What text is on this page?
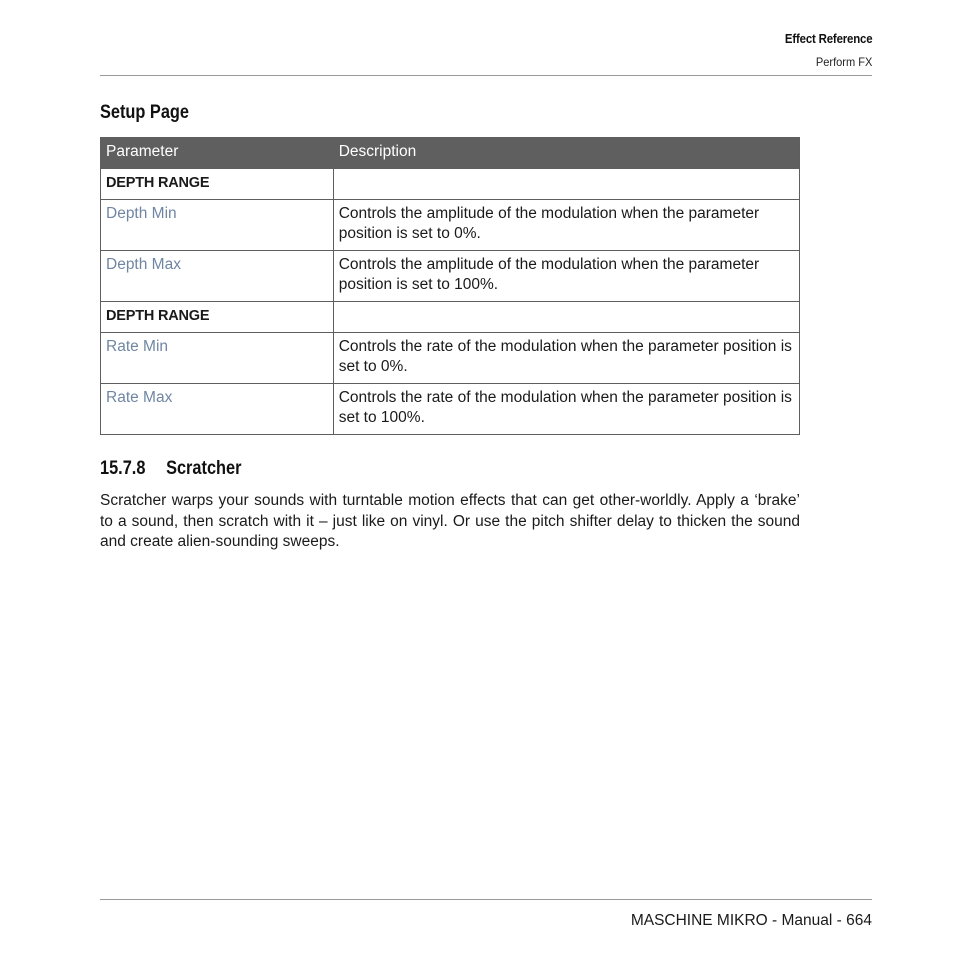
Effect Reference
Perform FX
Setup Page
Parameter	Description
DEPTH RANGE	
Depth Min	Controls the amplitude of the modulation when the parameter position is set to 0%.
Depth Max	Controls the amplitude of the modulation when the parameter position is set to 100%.
DEPTH RANGE	
Rate Min	Controls the rate of the modulation when the parameter position is set to 0%.
Rate Max	Controls the rate of the modulation when the parameter position is set to 100%.
15.7.8 Scratcher
Scratcher warps your sounds with turntable motion effects that can get other-worldly. Apply a ‘brake’ to a sound, then scratch with it – just like on vinyl. Or use the pitch shifter delay to thicken the sound and create alien-sounding sweeps.
MASCHINE MIKRO - Manual - 664
